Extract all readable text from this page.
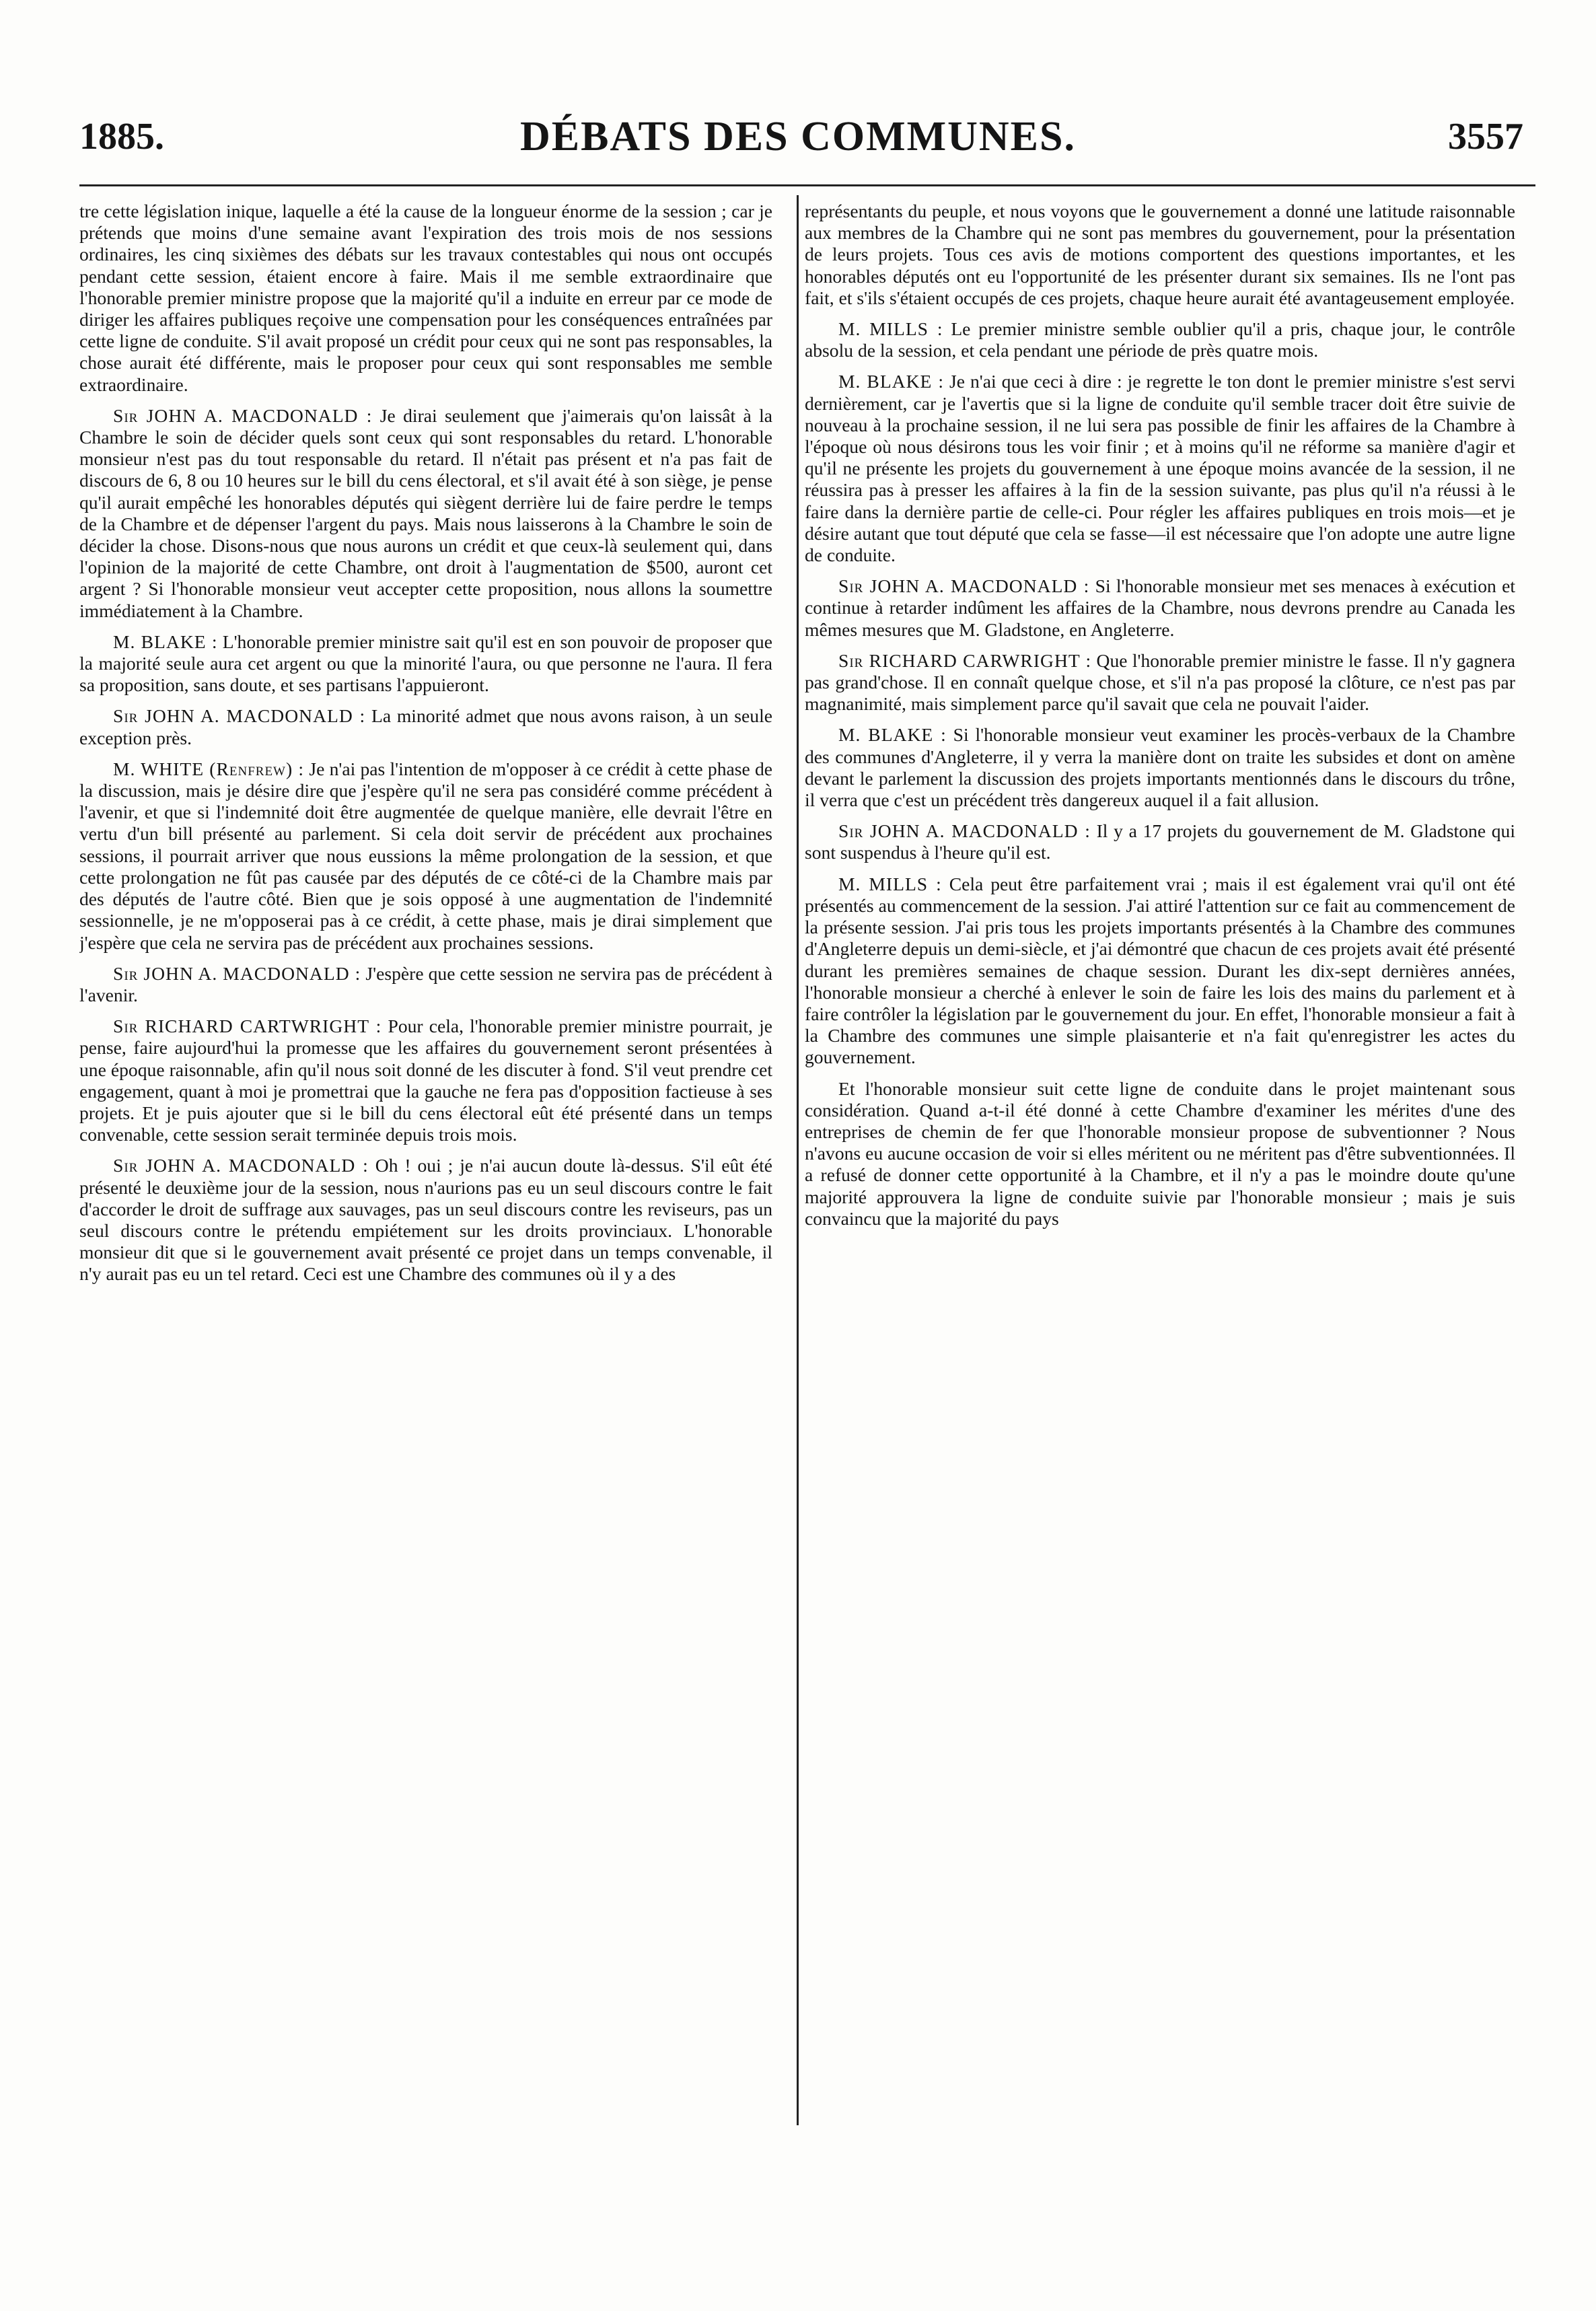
DÉBATS DES COMMUNES.
1885.	3557

tre cette législation inique, laquelle a été la cause de la longueur énorme de la session ; car je prétends que moins d'une semaine avant l'expiration des trois mois de nos sessions ordinaires, les cinq sixièmes des débats sur les travaux contestables qui nous ont occupés pendant cette session, étaient encore à faire. Mais il me semble extraordinaire que l'honorable premier ministre propose que la majorité qu'il a induite en erreur par ce mode de diriger les affaires publiques reçoive une compensation pour les conséquences entraînées par cette ligne de conduite. S'il avait proposé un crédit pour ceux qui ne sont pas responsables, la chose aurait été différente, mais le proposer pour ceux qui sont responsables me semble extraordinaire.

Sir JOHN A. MACDONALD : Je dirai seulement que j'aimerais qu'on laissât à la Chambre le soin de décider quels sont ceux qui sont responsables du retard. L'honorable monsieur n'est pas du tout responsable du retard. Il n'était pas présent et n'a pas fait de discours de 6, 8 ou 10 heures sur le bill du cens électoral, et s'il avait été à son siège, je pense qu'il aurait empêché les honorables députés qui siègent derrière lui de faire perdre le temps de la Chambre et de dépenser l'argent du pays. Mais nous laisserons à la Chambre le soin de décider la chose. Disons-nous que nous aurons un crédit et que ceux-là seulement qui, dans l'opinion de la majorité de cette Chambre, ont droit à l'augmentation de $500, auront cet argent ? Si l'honorable monsieur veut accepter cette proposition, nous allons la soumettre immédiatement à la Chambre.

M. BLAKE : L'honorable premier ministre sait qu'il est en son pouvoir de proposer que la majorité seule aura cet argent ou que la minorité l'aura, ou que personne ne l'aura. Il fera sa proposition, sans doute, et ses partisans l'appuieront.

Sir JOHN A. MACDONALD : La minorité admet que nous avons raison, à un seule exception près.

M. WHITE (Renfrew) : Je n'ai pas l'intention de m'opposer à ce crédit à cette phase de la discussion, mais je désire dire que j'espère qu'il ne sera pas considéré comme précédent à l'avenir, et que si l'indemnité doit être augmentée de quelque manière, elle devrait l'être en vertu d'un bill présenté au parlement. Si cela doit servir de précédent aux prochaines sessions, il pourrait arriver que nous eussions la même prolongation de la session, et que cette prolongation ne fût pas causée par des députés de ce côté-ci de la Chambre mais par des députés de l'autre côté. Bien que je sois opposé à une augmentation de l'indemnité sessionnelle, je ne m'opposerai pas à ce crédit, à cette phase, mais je dirai simplement que j'espère que cela ne servira pas de précédent aux prochaines sessions.

Sir JOHN A. MACDONALD : J'espère que cette session ne servira pas de précédent à l'avenir.

Sir RICHARD CARTWRIGHT : Pour cela, l'honorable premier ministre pourrait, je pense, faire aujourd'hui la promesse que les affaires du gouvernement seront présentées à une époque raisonnable, afin qu'il nous soit donné de les discuter à fond. S'il veut prendre cet engagement, quant à moi je promettrai que la gauche ne fera pas d'opposition factieuse à ses projets. Et je puis ajouter que si le bill du cens électoral eût été présenté dans un temps convenable, cette session serait terminée depuis trois mois.

Sir JOHN A. MACDONALD : Oh ! oui ; je n'ai aucun doute là-dessus. S'il eût été présenté le deuxième jour de la session, nous n'aurions pas eu un seul discours contre le fait d'accorder le droit de suffrage aux sauvages, pas un seul discours contre les reviseurs, pas un seul discours contre le prétendu empiétement sur les droits provinciaux. L'honorable monsieur dit que si le gouvernement avait présenté ce projet dans un temps convenable, il n'y aurait pas eu un tel retard. Ceci est une Chambre des communes où il y a des

représentants du peuple, et nous voyons que le gouvernement a donné une latitude raisonnable aux membres de la Chambre qui ne sont pas membres du gouvernement, pour la présentation de leurs projets. Tous ces avis de motions comportent des questions importantes, et les honorables députés ont eu l'opportunité de les présenter durant six semaines. Ils ne l'ont pas fait, et s'ils s'étaient occupés de ces projets, chaque heure aurait été avantageusement employée.

M. MILLS : Le premier ministre semble oublier qu'il a pris, chaque jour, le contrôle absolu de la session, et cela pendant une période de près quatre mois.

M. BLAKE : Je n'ai que ceci à dire : je regrette le ton dont le premier ministre s'est servi dernièrement, car je l'avertis que si la ligne de conduite qu'il semble tracer doit être suivie de nouveau à la prochaine session, il ne lui sera pas possible de finir les affaires de la Chambre à l'époque où nous désirons tous les voir finir ; et à moins qu'il ne réforme sa manière d'agir et qu'il ne présente les projets du gouvernement à une époque moins avancée de la session, il ne réussira pas à presser les affaires à la fin de la session suivante, pas plus qu'il n'a réussi à le faire dans la dernière partie de celle-ci. Pour régler les affaires publiques en trois mois—et je désire autant que tout député que cela se fasse—il est nécessaire que l'on adopte une autre ligne de conduite.

Sir JOHN A. MACDONALD : Si l'honorable monsieur met ses menaces à exécution et continue à retarder indûment les affaires de la Chambre, nous devrons prendre au Canada les mêmes mesures que M. Gladstone, en Angleterre.

Sir RICHARD CARWRIGHT : Que l'honorable premier ministre le fasse. Il n'y gagnera pas grand'chose. Il en connaît quelque chose, et s'il n'a pas proposé la clôture, ce n'est pas par magnanimité, mais simplement parce qu'il savait que cela ne pouvait l'aider.

M. BLAKE : Si l'honorable monsieur veut examiner les procès-verbaux de la Chambre des communes d'Angleterre, il y verra la manière dont on traite les subsides et dont on amène devant le parlement la discussion des projets importants mentionnés dans le discours du trône, il verra que c'est un précédent très dangereux auquel il a fait allusion.

Sir JOHN A. MACDONALD : Il y a 17 projets du gouvernement de M. Gladstone qui sont suspendus à l'heure qu'il est.

M. MILLS : Cela peut être parfaitement vrai ; mais il est également vrai qu'il ont été présentés au commencement de la session. J'ai attiré l'attention sur ce fait au commencement de la présente session. J'ai pris tous les projets importants présentés à la Chambre des communes d'Angleterre depuis un demi-siècle, et j'ai démontré que chacun de ces projets avait été présenté durant les premières semaines de chaque session. Durant les dix-sept dernières années, l'honorable monsieur a cherché à enlever le soin de faire les lois des mains du parlement et à faire contrôler la législation par le gouvernement du jour. En effet, l'honorable monsieur a fait à la Chambre des communes une simple plaisanterie et n'a fait qu'enregistrer les actes du gouvernement.

Et l'honorable monsieur suit cette ligne de conduite dans le projet maintenant sous considération. Quand a-t-il été donné à cette Chambre d'examiner les mérites d'une des entreprises de chemin de fer que l'honorable monsieur propose de subventionner ? Nous n'avons eu aucune occasion de voir si elles méritent ou ne méritent pas d'être subventionnées. Il a refusé de donner cette opportunité à la Chambre, et il n'y a pas le moindre doute qu'une majorité approuvera la ligne de conduite suivie par l'honorable monsieur ; mais je suis convaincu que la majorité du pays
